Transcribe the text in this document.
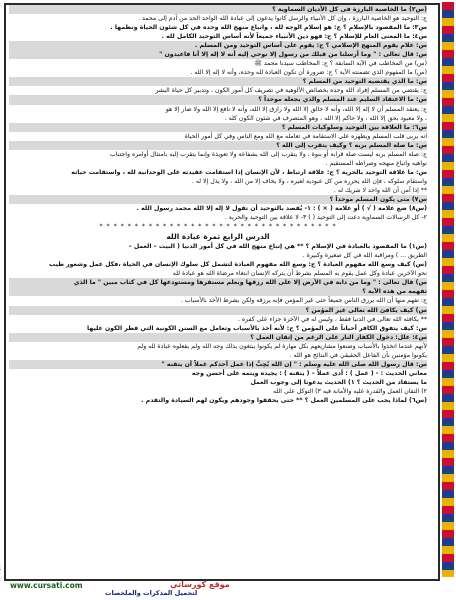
(س٢) ما الخاصية البارزة فى كل الأديان السماوية ؟
ج: التوحيد هو الخاصية البارزة ، وإن كل الأنبياء والرسل كانوا يدعون إلى عبادة الله الواحد الحد من آدم إلى محمد .
س٣: ما المقصود بالإسلام ؟ ج: هو إسلام الوجه لله ، واتباع منهج الله وحده في كل شئون الحياة ونظمها .
س٤: ما المعنى العام للإسلام ؟ ج: فهو دين الأنبياء جميعاً لأنه أساس التوحيد الكامل لله .
س: علام يقوم المنهج الإسلامي ؟ ج: يقوم على أساس التوحيد ومن المسلم .
س: قال تعالى : " وما أرسلنا من قبلك من رسول إلا نوحي إليه أنه لا إله إلا أنا فاعبدون "
(س) من المخاطب في الآية السابقة ؟ ج: المخاطب سيدنا محمد ﷺ
(س) ما المفهوم الذي تضمنته الآية ؟ ج: ضرورة أن تكون العبادة لله وحده، وأنه لا إله إلا الله .
س: ما الذي يقتضيه التوحيد من المسلم ؟
ج: يقتضي من المسلم إفراد الله وحده بخصائص الألوهية في تصريف كل أمور الكون ، وتدبير كل حياة البشر
س: ما الاعتقاد السليم عند المسلم والذي يجعله موحداً ؟
ج: يعتقد المسلم أن لا إله إلا الله، وأنه لا خالق إلا الله ولا رازق إلا الله، وأنه لا نافع إلا الله ولا ضار إلا هو
، ولا معبود بحق إلا الله ، ولا حاكم إلا الله ، وهو المتصرف في شئون الكون كله .
س٦: ما العلاقة بين التوحيد وسلوكيات المسلم ؟
انه يربى قلب المسلم ويطهره على الاستقامة في تعامله مع الله ومع الناس وفي كل أمور الحياة
س: ما صلة المسلم بربه ؟ وكيف يتقرب إلى الله ؟
ج: صلة المسلم بربه ليست صلة قرابة أو بنوة ، ولا يتقرب إلى الله بشفاعة ولا تعويذة وإنما يتقرب إليه بامتثال أوامره واجتناب
نواهيه واتباع منهجه وصراطه المستقيم .
س: ما علاقة التوحيد بالحرية ؟ ج: علاقة ارتباط ، لأن الإنسان إذا استقامت عقيدته على الوحدانية لله ، واستقامت حياته
واستقام سلوكه ، فإن الله يحرره من كل عبودية لغيره ، ولا يخاف إلا من الله ، ولا يذل إلا له .
** إذا آمن أن الله واحد لا شريك له .
س٧) متى يكون المسلم موحداً ؟
(س٨) ضع علامة ( √ ) أو علامة ( × ) : ١- يُقصد بالتوحيد أن تقول لا إله إلا الله محمد رسول الله .
٢- كل الرسالات السماوية دعت إلى التوحيد ( ) ٣- لا علاقة بين التوحيد والحرية .
* * * * * * * * * * * * * * * * * * * * * * * * * * * * * * * * * *
الدرس الرابع ثمرة عبادة الله
(س١) ما المقصود بالعبادة في الإسلام ؟ ** هي إتباع منهج الله في كل أمور الدنيا ( البيت – العمل –
الطريق ... ) ومراقبة الله في كل صغيرة وكبيرة .
(س) كيف وسع الله مفهوم العبادة ؟ ج: وسع الله مفهوم العبادة لتشمل كل سلوك الإنسان في الحياة ،فكل عمل وشعور طيب
نحو الآخرين عبادة وكل عمل يقوم به المسلم بشرط أن يتركه الإنسان ابتغاء مرضاة الله هو عبادة لله
س) قال تعالى : " وما من دابة في الأرض إلا على الله رزقها ويعلم مستقرها ومستودعها كل في كتاب مبين " ما الذي
تفهمه من هذه الآية ؟
ج: تفهم منها أن الله يرزق الناس جميعاً حتى غير المؤمن فإنه يرزقه ولكن بشرط الأخذ بالأسباب .
س) كيف يكافئ الله تعالى غير المؤمن ؟
** يكافئه الله تعالى في الدنيا فقط ، وليس له في الآخرة جزاء على كفره .
س: كيف يتفوق الكافر أحياناً على المؤمن ؟ ج: لأنه أخذ بالأسباب وتعامل مع السنن الكونية التي فطر الكون عليها
س٤: علل: دخول الكفار النار على الرغم من إتقان العمل ؟
لأنهم عندما اتخذوا بالأسباب وصنعوا مشاريعهم بكل مهارة لم يكونوا يبتغون بذلك وجه الله ولم يفعلوه عبادة لله ولم
يكونوا مؤمنين بأن الفاعل الحقيقي في النتائج هو الله .
س: قال رسول الله صلى الله عليه وسلم : " إن الله يُحِبُّ إذا عمل أحدكم عملاً أن يتقنه "
معاني الحديث : - ( عمل ) : أدى عملاً – ( يتقنه ) : يجيده ويتمه على أحسن وجه
ما يستفاد من الحديث ؟ ١) الحديث يدعونا إلى وجوب العمل
٢) التقان العمل والقدرة عليه والأمانة فيه ٣) التوكل على الله
(س٦) لماذا يجب على المسلمين العمل ؟ ** حتى يحققوا وجودهم ويكون لهم السيادة والتقدم .
www.cursati.com	موقع كورساتي
لتحميل المذكرات والملخصات
